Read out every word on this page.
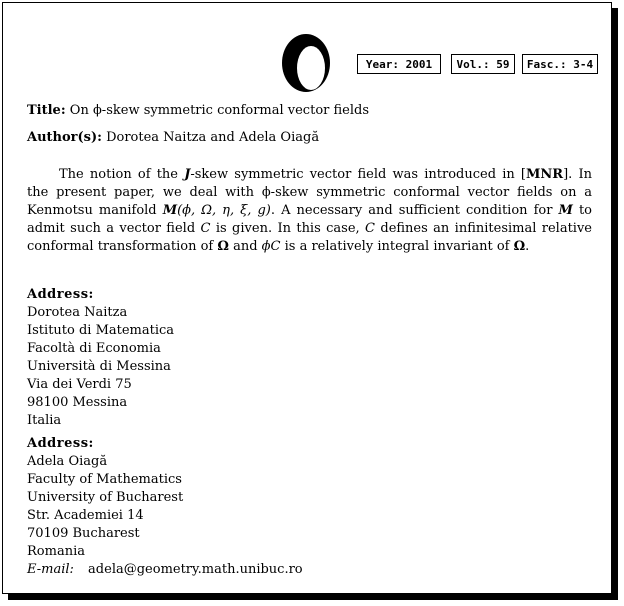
Year: 2001	Vol.: 59	Fasc.: 3-4
Title: On ϕ-skew symmetric conformal vector fields
Author(s): Dorotea Naitza and Adela Oiagă
The notion of the J-skew symmetric vector field was introduced in [MNR]. In the present paper, we deal with ϕ-skew symmetric conformal vector fields on a Kenmotsu manifold M(ϕ, Ω, η, ξ, g). A necessary and sufficient condition for M to admit such a vector field C is given. In this case, C defines an infinitesimal relative conformal transformation of Ω and ϕC is a relatively integral invariant of Ω.
Address:
Dorotea Naitza
Istituto di Matematica
Facoltà di Economia
Università di Messina
Via dei Verdi 75
98100 Messina
Italia
Address:
Adela Oiagă
Faculty of Mathematics
University of Bucharest
Str. Academiei 14
70109 Bucharest
Romania
E-mail: adela@geometry.math.unibuc.ro
